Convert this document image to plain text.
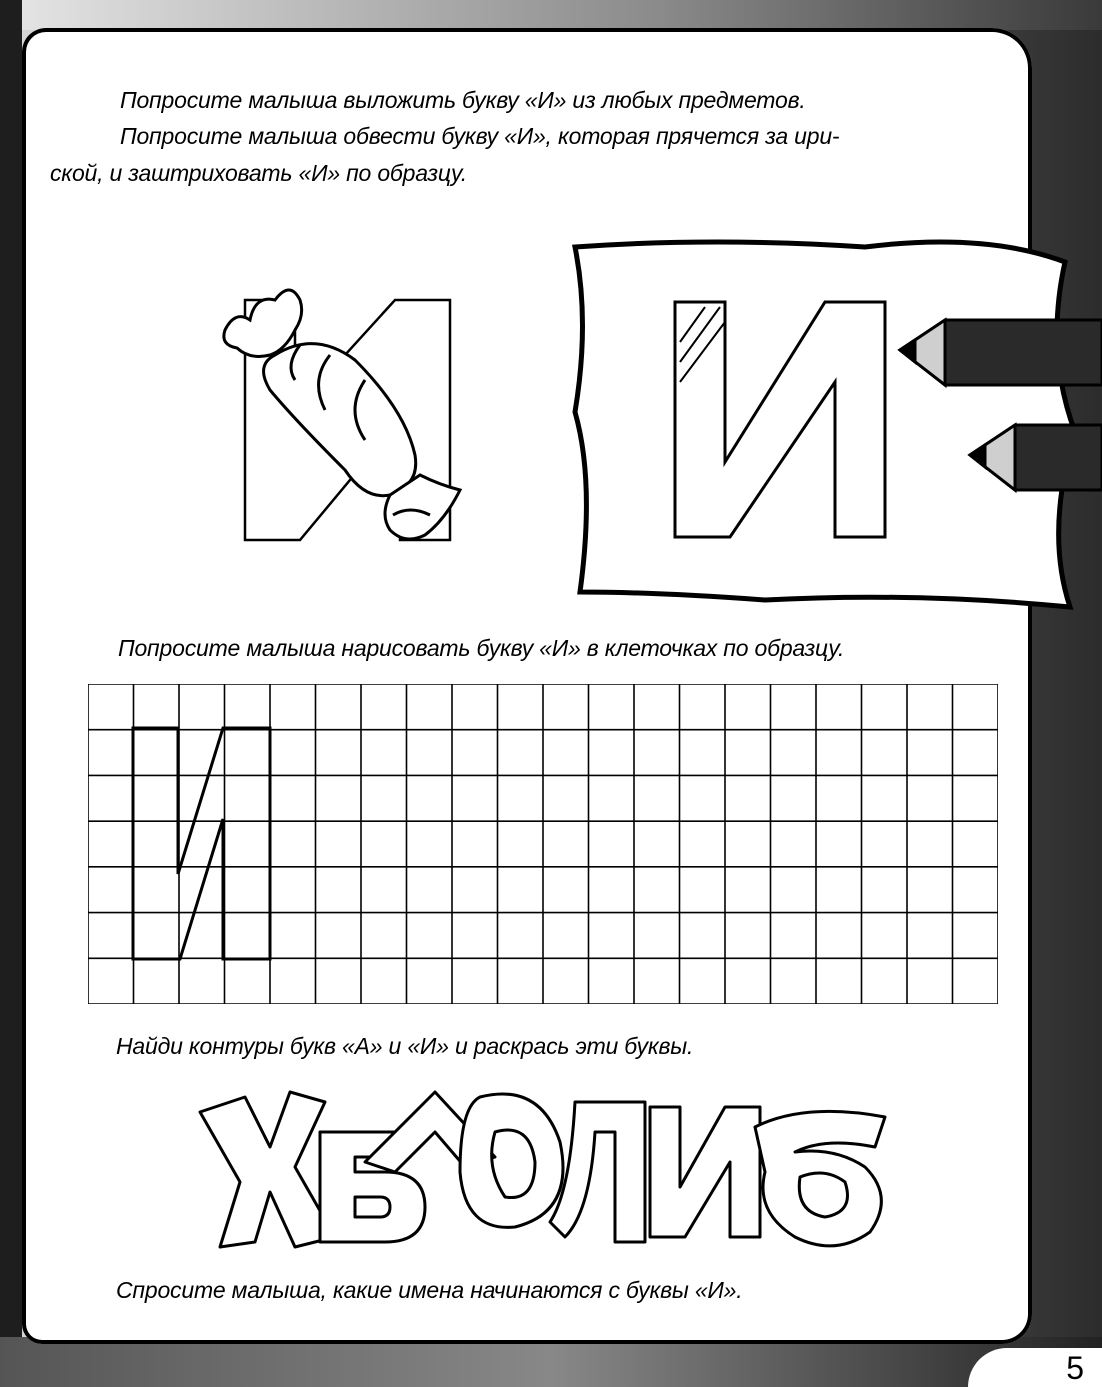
Попросите малыша выложить букву «И» из любых предметов.
Попросите малыша обвести букву «И», которая прячется за ири-
ской, и заштриховать «И» по образцу.
Попросите малыша нарисовать букву «И» в клеточках по образцу.
Найди контуры букв «А» и «И» и раскрась эти буквы.
Спросите малыша, какие имена начинаются с буквы «И».
5
